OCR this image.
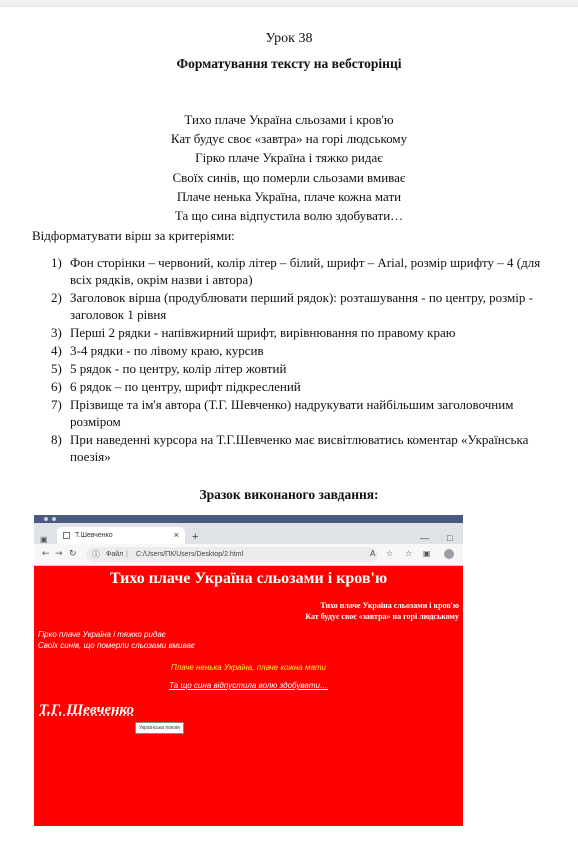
Урок 38
Форматування тексту на вебсторінці
Тихо плаче Україна сльозами і кров'ю
Кат будує своє «завтра» на горі людському
Гірко плаче Україна і тяжко ридає
Своїх синів, що померли сльозами вмиває
Плаче ненька Україна, плаче кожна мати
Та що сина відпустила волю здобувати…
Відформатувати вірш за критеріями:
1) Фон сторінки – червоний, колір літер – білий, шрифт – Arial, розмір шрифту – 4 (для всіх рядків, окрім назви і автора)
2) Заголовок вірша (продублювати перший рядок): розташування - по центру, розмір - заголовок 1 рівня
3) Перші 2 рядки - напівжирний шрифт, вирівнювання по правому краю
4) 3-4 рядки - по лівому краю, курсив
5) 5 рядок - по центру, колір літер жовтий
6) 6 рядок – по центру, шрифт підкреслений
7) Прізвище та ім'я автора (Т.Г. Шевченко) надрукувати найбільшим заголовочним розміром
8) При наведенні курсора на Т.Г.Шевченко має висвітлюватись коментар «Українська поезія»
Зразок виконаного завдання:
▣	Т.Шевченко	× +	— □
← → ↻ ⓘ Файл | C:/Users/ПК/Users/Desktop/2.html	A ☆ ☆ ▣
Тихо плаче Україна сльозами і кров'ю
Тихо плаче Україна сльозами і кров'ю
Кат будує своє «завтра» на горі людському
Гірко плаче Україна і тяжко ридає
Своїх синів, що померли сльозами вмиває
Плаче ненька Україна, плаче кожна мати
Та що сина відпустила волю здобувати…
Т.Г. Шевченко
Українська поезія
